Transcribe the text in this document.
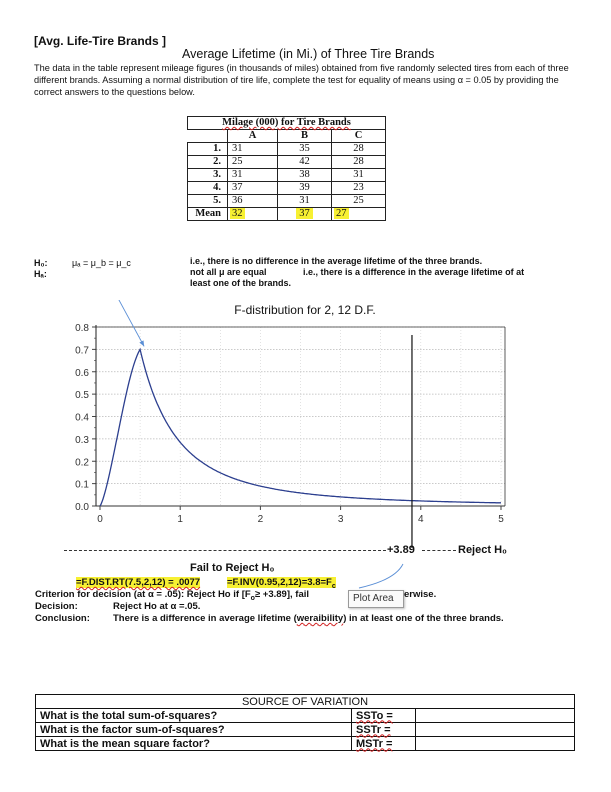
[Avg. Life-Tire Brands ]
Average Lifetime (in Mi.) of Three Tire Brands
The data in the table represent mileage figures (in thousands of miles) obtained from five randomly selected tires from each of three different brands. Assuming a normal distribution of tire life, complete the test for equality of means using α = 0.05 by providing the correct answers to the questions below.
Milage (000) for Tire Brands			
	A	B	C
1.	31	35	28
2.	25	42	28
3.	31	38	31
4.	37	39	23
5.	36	31	25
Mean	32	37	27
H₀:
Hₐ:
μₐ = μ_b = μ_c	i.e., there is no difference in the average lifetime of the three brands.
not all μ are equal	i.e., there is a difference in the average lifetime of at
least one of the brands.
F-distribution for 2, 12 D.F.
0.0
0.1
0.2
0.3
0.4
0.5
0.6
0.7
0.8
0	1	2	3	4	5
+3.89	Reject H₀
Fail to Reject H₀
=F.DIST.RT(7.5,2,12) = .0077	$=F.INV(0.95,2,12)=3.8=F_c$
Criterion for decision (at α = .05): Reject Ho if $[F_o\ge +3.89]$, fail	erwise.
Plot Area
Decision:	Reject Ho at α =.05.
Conclusion: There is a difference in average lifetime (weraibility) in at least one of the three brands.
SOURCE OF VARIATION		
What is the total sum-of-squares?	SSTo =	
What is the factor sum-of-squares?	SSTr =	
What is the mean square factor?	MSTr =	
